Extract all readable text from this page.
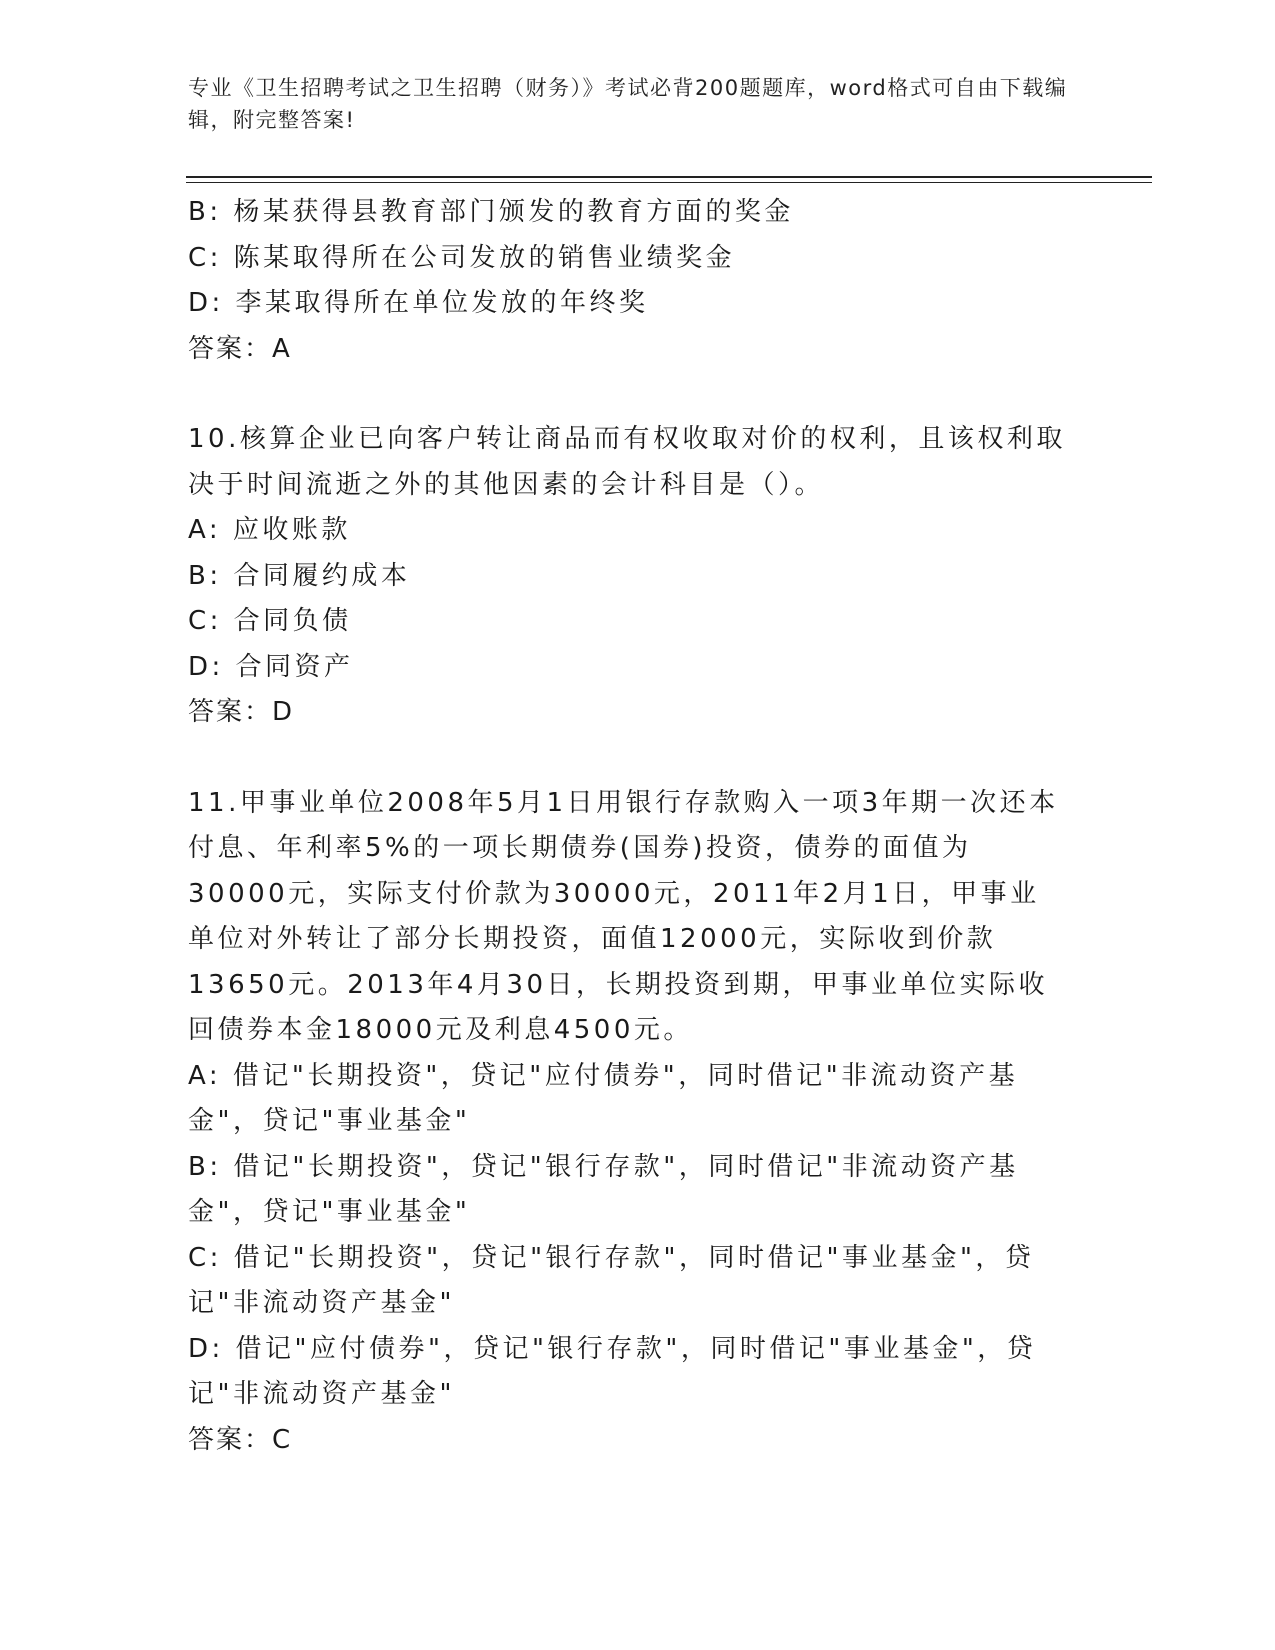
专业《卫生招聘考试之卫生招聘（财务）》考试必背200题题库，word格式可自由下载编辑，附完整答案!

B: 杨某获得县教育部门颁发的教育方面的奖金

C: 陈某取得所在公司发放的销售业绩奖金

D: 李某取得所在单位发放的年终奖

答案：A

10.核算企业已向客户转让商品而有权收取对价的权利，且该权利取决于时间流逝之外的其他因素的会计科目是（）。

A: 应收账款

B: 合同履约成本

C: 合同负债

D: 合同资产

答案：D

11.甲事业单位2008年5月1日用银行存款购入一项3年期一次还本付息、年利率5%的一项长期债券(国券)投资，债券的面值为30000元，实际支付价款为30000元，2011年2月1日，甲事业单位对外转让了部分长期投资，面值12000元，实际收到价款13650元。2013年4月30日，长期投资到期，甲事业单位实际收回债券本金18000元及利息4500元。

A: 借记"长期投资"，贷记"应付债券"，同时借记"非流动资产基金"，贷记"事业基金"

B: 借记"长期投资"，贷记"银行存款"，同时借记"非流动资产基金"，贷记"事业基金"

C: 借记"长期投资"，贷记"银行存款"，同时借记"事业基金"，贷记"非流动资产基金"

D: 借记"应付债券"，贷记"银行存款"，同时借记"事业基金"，贷记"非流动资产基金"

答案：C
